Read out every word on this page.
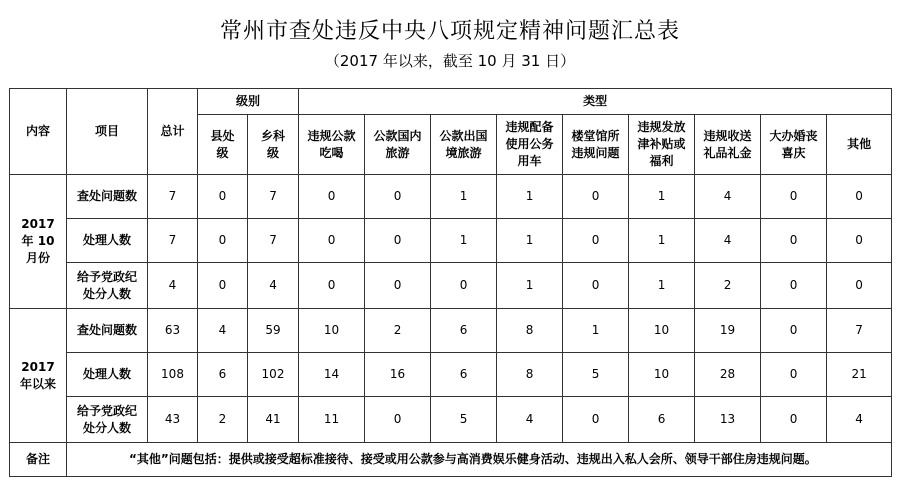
常州市查处违反中央八项规定精神问题汇总表
（2017 年以来，截至 10 月 31 日）
内容	项目	总计	级别		类型								
			县处级	乡科级	违规公款吃喝	公款国内旅游	公款出国境旅游	违规配备使用公务用车	楼堂馆所违规问题	违规发放津补贴或福利	违规收送礼品礼金	大办婚丧喜庆	其他
2017 年 10 月份	查处问题数	7	0	7	0	0	1	1	0	1	4	0	0
	处理人数	7	0	7	0	0	1	1	0	1	4	0	0
	给予党政纪处分人数	4	0	4	0	0	0	1	0	1	2	0	0
2017 年以来	查处问题数	63	4	59	10	2	6	8	1	10	19	0	7
	处理人数	108	6	102	14	16	6	8	5	10	28	0	21
	给予党政纪处分人数	43	2	41	11	0	5	4	0	6	13	0	4
备注	“其他”问题包括：提供或接受超标准接待、接受或用公款参与高消费娱乐健身活动、违规出入私人会所、领导干部住房违规问题。												
